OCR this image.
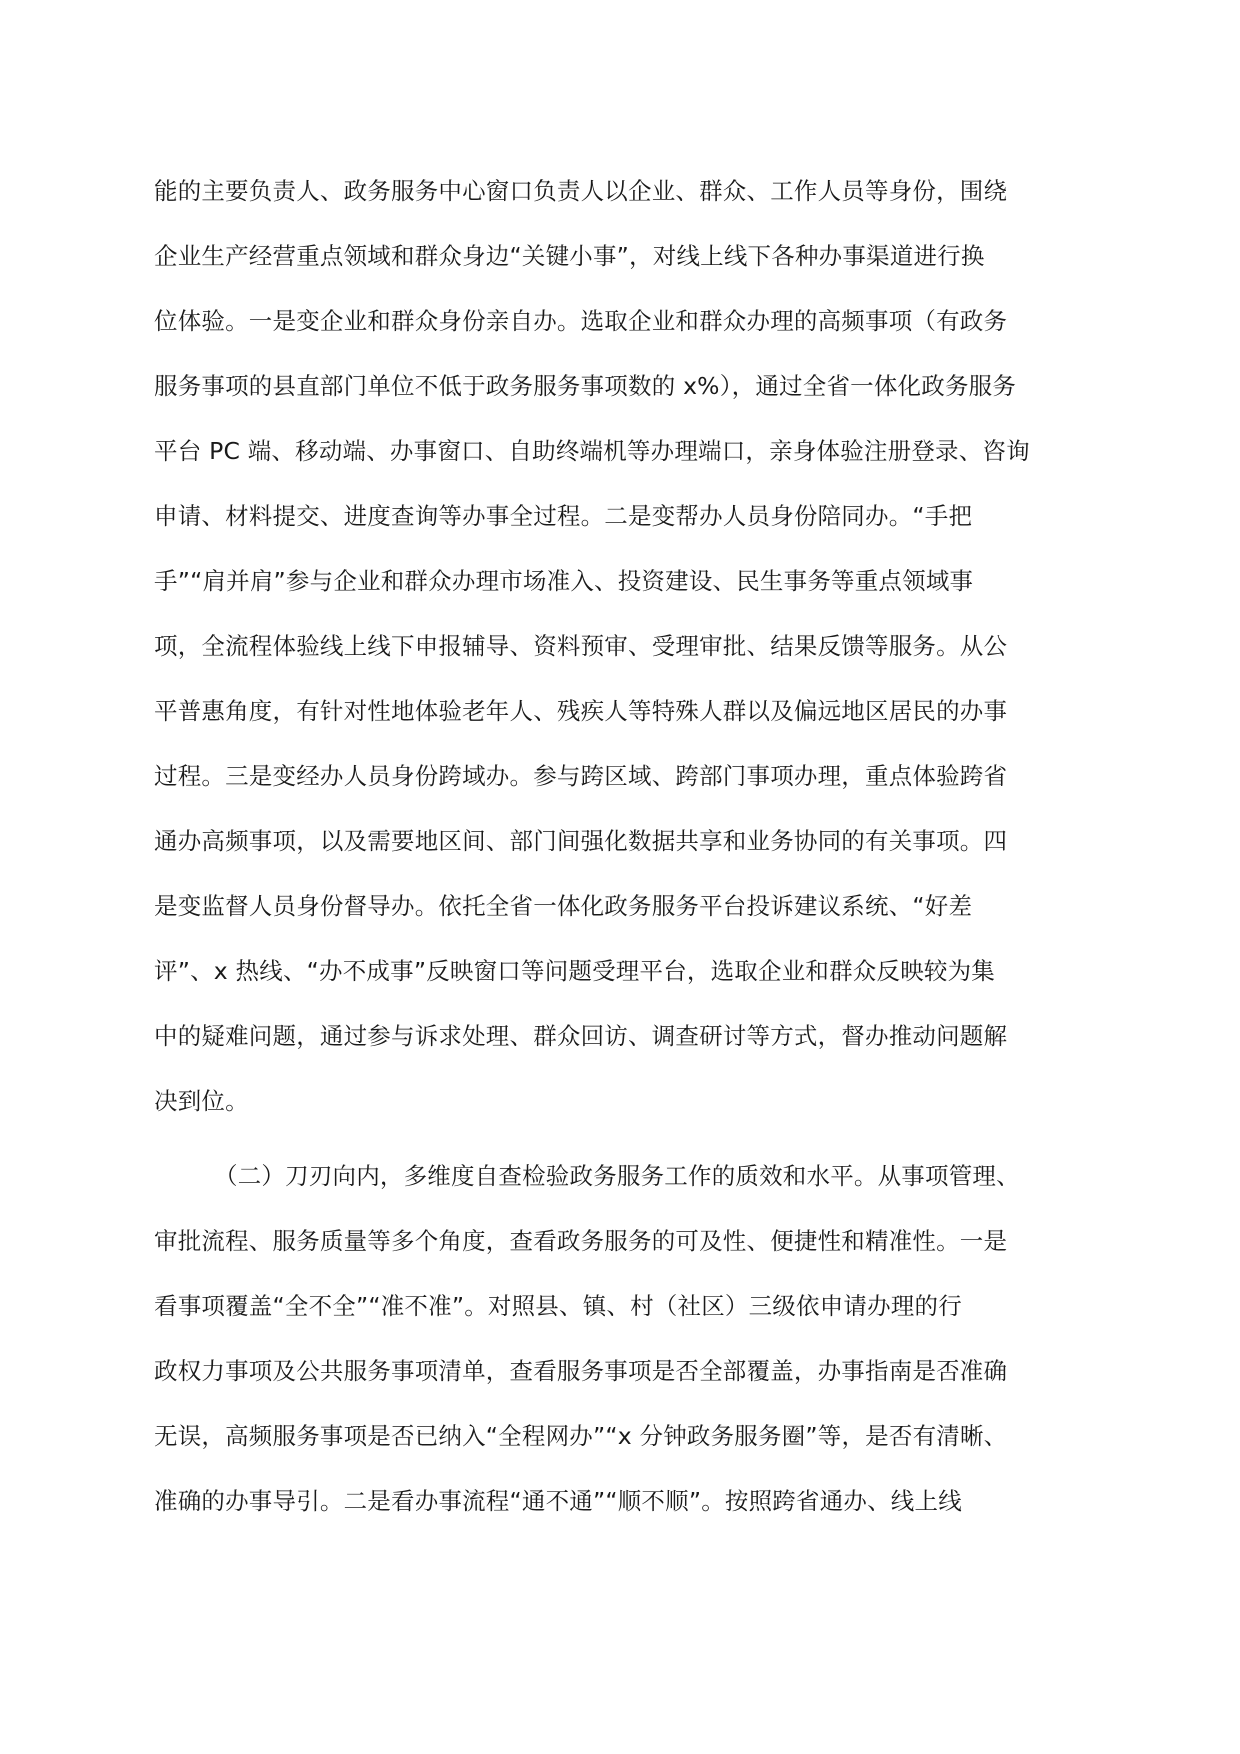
能的主要负责人、政务服务中心窗口负责人以企业、群众、工作人员等身份，围绕
企业生产经营重点领域和群众身边“关键小事”，对线上线下各种办事渠道进行换
位体验。一是变企业和群众身份亲自办。选取企业和群众办理的高频事项（有政务
服务事项的县直部门单位不低于政务服务事项数的 x%），通过全省一体化政务服务
平台 PC 端、移动端、办事窗口、自助终端机等办理端口，亲身体验注册登录、咨询
申请、材料提交、进度查询等办事全过程。二是变帮办人员身份陪同办。“手把
手”“肩并肩”参与企业和群众办理市场准入、投资建设、民生事务等重点领域事
项，全流程体验线上线下申报辅导、资料预审、受理审批、结果反馈等服务。从公
平普惠角度，有针对性地体验老年人、残疾人等特殊人群以及偏远地区居民的办事
过程。三是变经办人员身份跨域办。参与跨区域、跨部门事项办理，重点体验跨省
通办高频事项，以及需要地区间、部门间强化数据共享和业务协同的有关事项。四
是变监督人员身份督导办。依托全省一体化政务服务平台投诉建议系统、“好差
评”、x 热线、“办不成事”反映窗口等问题受理平台，选取企业和群众反映较为集
中的疑难问题，通过参与诉求处理、群众回访、调查研讨等方式，督办推动问题解
决到位。
（二）刀刃向内，多维度自查检验政务服务工作的质效和水平。从事项管理、
审批流程、服务质量等多个角度，查看政务服务的可及性、便捷性和精准性。一是
看事项覆盖“全不全”“准不准”。对照县、镇、村（社区）三级依申请办理的行
政权力事项及公共服务事项清单，查看服务事项是否全部覆盖，办事指南是否准确
无误，高频服务事项是否已纳入“全程网办”“x 分钟政务服务圈”等，是否有清晰、
准确的办事导引。二是看办事流程“通不通”“顺不顺”。按照跨省通办、线上线
